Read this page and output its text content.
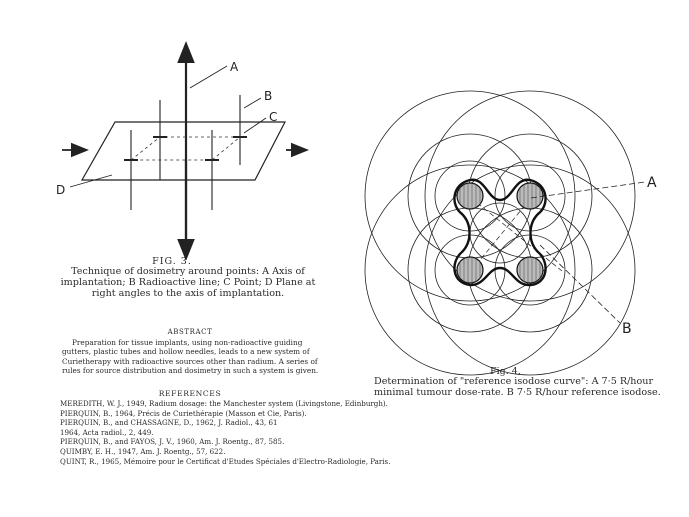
A
B
C
D
FIG. 3.
Technique of dosimetry around points: A Axis of implantation; B Radioactive line; C Point; D Plane at right angles to the axis of implantation.
ABSTRACT
Preparation for tissue implants, using non-radioactive guiding gutters, plastic tubes and hollow needles, leads to a new system of Curietherapy with radioactive sources other than radium. A series of rules for source distribution and dosimetry in such a system is given.
REFERENCES
MEREDITH, W. J., 1949, Radium dosage: the Manchester system (Livingstone, Edinburgh).
PIERQUIN, B., 1964, Précis de Curiethérapie (Masson et Cie, Paris).
PIERQUIN, B., and CHASSAGNE, D., 1962, J. Radiol., 43, 61
1964, Acta radiol., 2, 449.
PIERQUIN, B., and FAYOS, J. V., 1960, Am. J. Roentg., 87, 585.
QUIMBY, E. H., 1947, Am. J. Roentg., 57, 622.
QUINT, R., 1965, Mémoire pour le Certificat d'Etudes Spéciales d'Electro-Radiologie, Paris.
A
B
Fig. 4.
Determination of "reference isodose curve": A 7·5 R/hour minimal tumour dose-rate. B 7·5 R/hour reference isodose.
